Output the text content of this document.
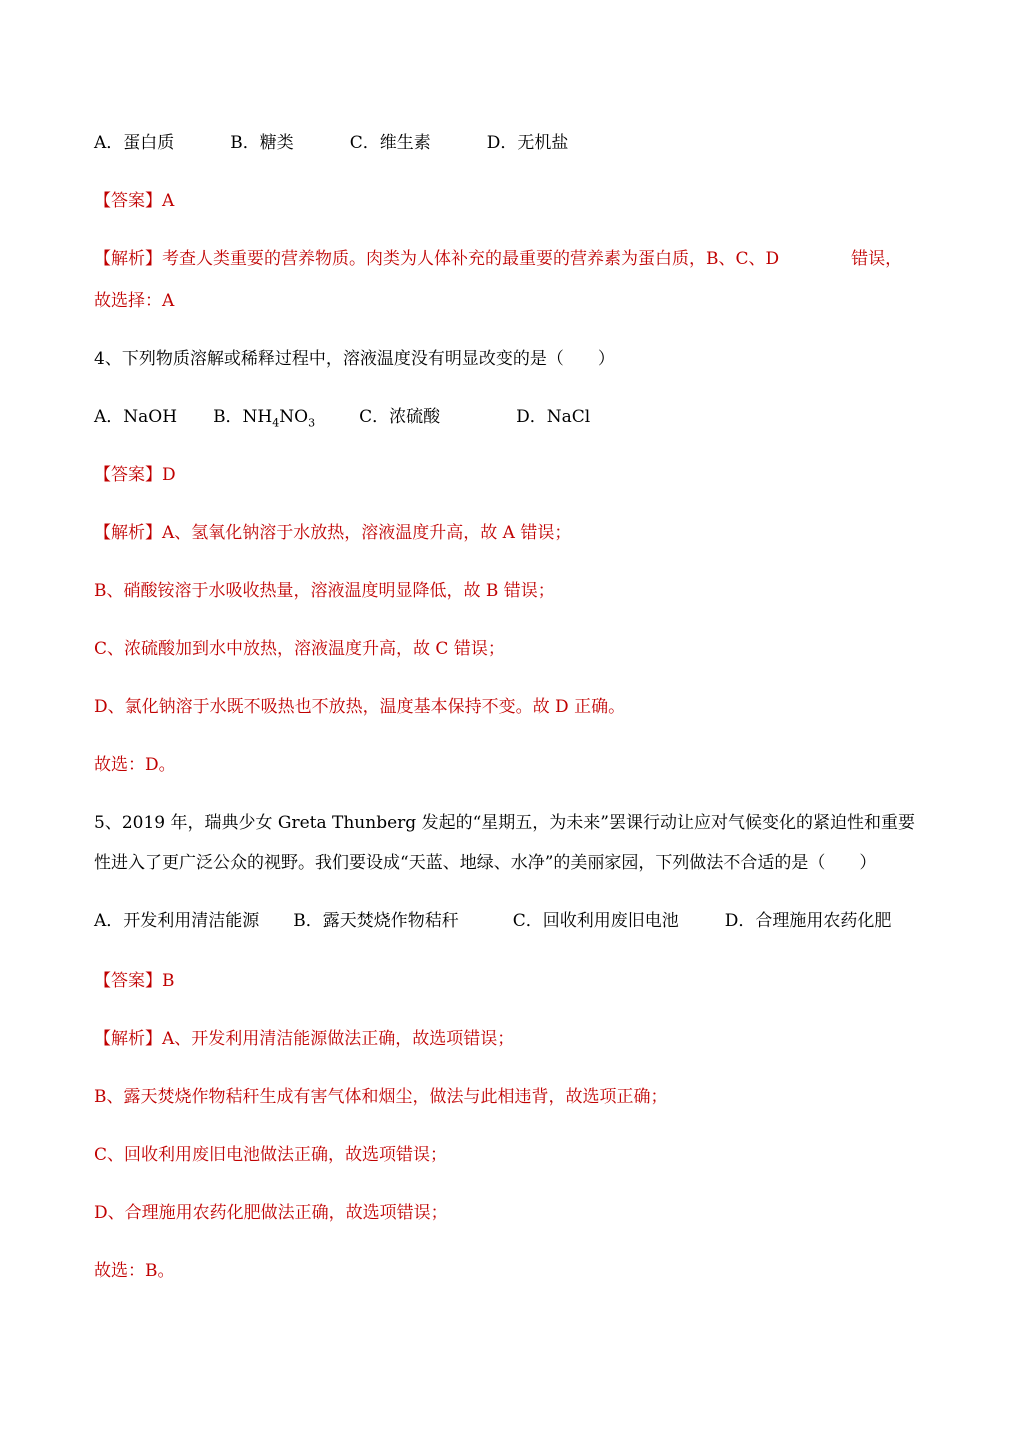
A．蛋白质	B．糖类	C．维生素	D．无机盐
【答案】A
【解析】考查人类重要的营养物质。肉类为人体补充的最重要的营养素为蛋白质，B、C、D	错误，
故选择：A
4、下列物质溶解或稀释过程中，溶液温度没有明显改变的是（　　）
A．NaOH B．$NH_4NO_3$	C．浓硫酸	D．NaCl
【答案】D
【解析】A、氢氧化钠溶于水放热，溶液温度升高，故 A 错误；
B、硝酸铵溶于水吸收热量，溶液温度明显降低，故 B 错误；
C、浓硫酸加到水中放热，溶液温度升高，故 C 错误；
D、氯化钠溶于水既不吸热也不放热，温度基本保持不变。故 D 正确。
故选：D。
5、2019 年，瑞典少女 Greta Thunberg 发起的“星期五，为未来”罢课行动让应对气候变化的紧迫性和重要
性进入了更广泛公众的视野。我们要设成“天蓝、地绿、水净”的美丽家园，下列做法不合适的是（　　）
A．开发利用清洁能源 B．露天焚烧作物秸秆	C．回收利用废旧电池	D．合理施用农药化肥
【答案】B
【解析】A、开发利用清洁能源做法正确，故选项错误；
B、露天焚烧作物秸秆生成有害气体和烟尘，做法与此相违背，故选项正确；
C、回收利用废旧电池做法正确，故选项错误；
D、合理施用农药化肥做法正确，故选项错误；
故选：B。
